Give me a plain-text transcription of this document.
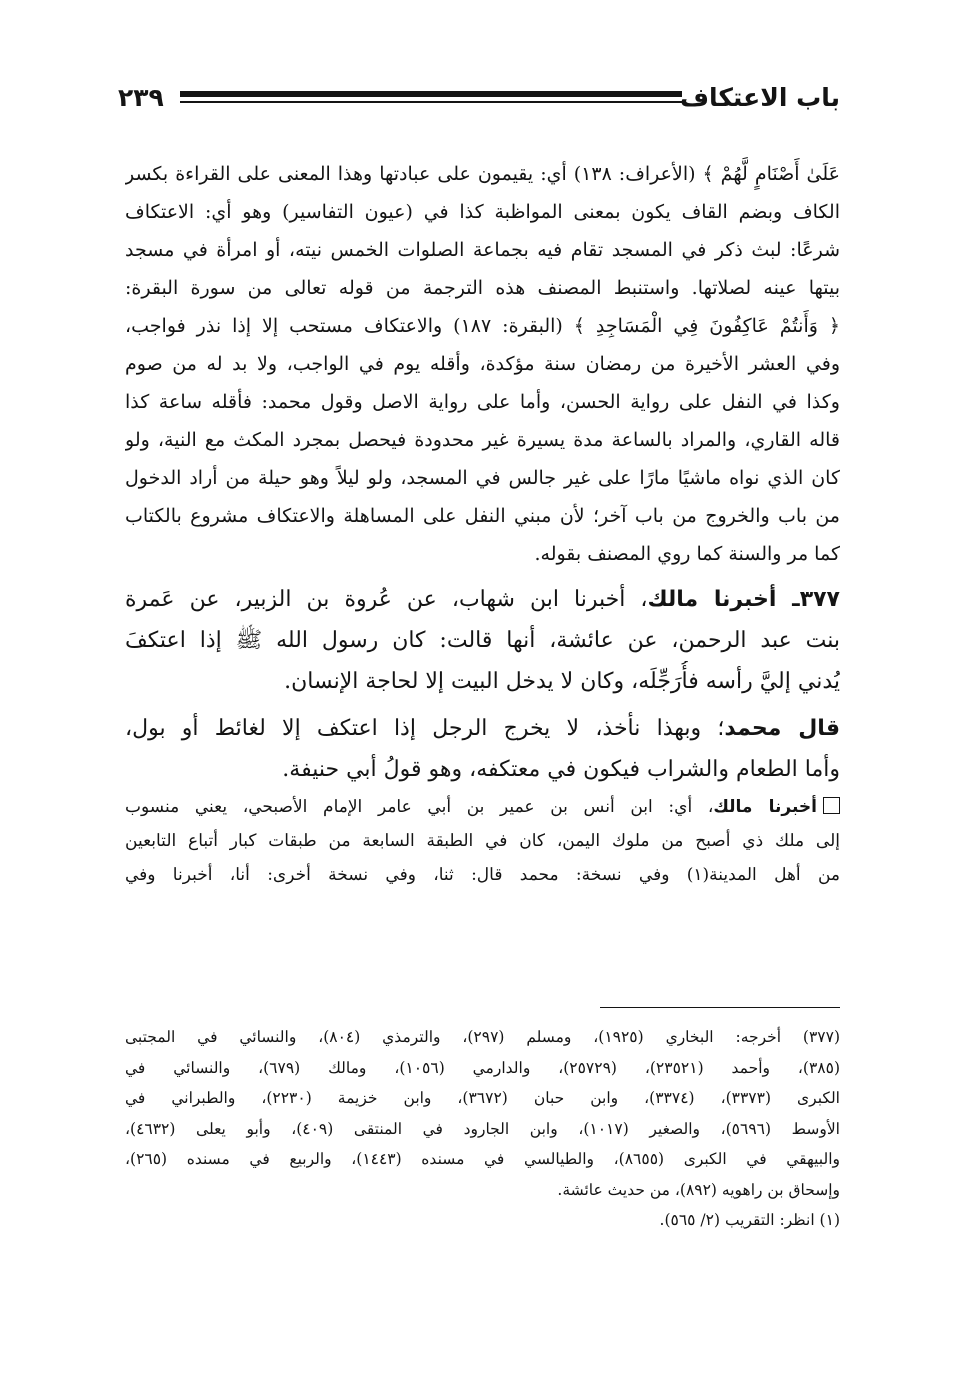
باب الاعتكاف
٢٣٩
عَلَىٰ أَصْنَامٍ لَّهُمْ ﴾ (الأعراف: ١٣٨) أي: يقيمون على عبادتها وهذا المعنى على القراءة بكسر
الكاف وبضم القاف يكون بمعنى المواظبة كذا في (عيون التفاسير) وهو أي: الاعتكاف
شرعًا: لبث ذكر في المسجد تقام فيه بجماعة الصلوات الخمس نيته، أو امرأة في مسجد
بيتها عينه لصلاتها. واستنبط المصنف هذه الترجمة من قوله تعالى من سورة البقرة:
﴿ وَأَنتُمْ عَاكِفُونَ فِي الْمَسَاجِدِ ﴾ (البقرة: ١٨٧) والاعتكاف مستحب إلا إذا نذر فواجب،
وفي العشر الأخيرة من رمضان سنة مؤكدة، وأقله يوم في الواجب، ولا بد له من صوم
وكذا في النفل على رواية الحسن، وأما على رواية الاصل وقول محمد: فأقله ساعة كذا
قاله القاري، والمراد بالساعة مدة يسيرة غير محدودة فيحصل بمجرد المكث مع النية، ولو
كان الذي نواه ماشيًا مارًا على غير جالس في المسجد، ولو ليلاً وهو حيلة من أراد الدخول
من باب والخروج من باب آخر؛ لأن مبني النفل على المساهلة والاعتكاف مشروع بالكتاب
كما مر والسنة كما روي المصنف بقوله.
٣٧٧ـ أخبرنا مالك، أخبرنا ابن شهاب، عن عُروة بن الزبير، عن عَمرة
بنت عبد الرحمن، عن عائشة، أنها قالت: كان رسول الله ﷺ إذا اعتكفَ
يُدني إليَّ رأسه فأُرَجِّلَه، وكان لا يدخل البيت إلا لحاجة الإنسان.
قال محمد؛ وبهذا نأخذ، لا يخرج الرجل إذا اعتكف إلا لغائط أو بول،
وأما الطعام والشراب فيكون في معتكفه، وهو قولُ أبي حنيفة.
أخبرنا مالك، أي: ابن أنس بن عمير بن أبي عامر الإمام الأصبحي، يعني منسوب
إلى ملك ذي أصبح من ملوك اليمن، كان في الطبقة السابعة من طبقات كبار أتباع التابعين
من أهل المدينة(١) وفي نسخة: محمد قال: ثنا، وفي نسخة أخرى: أنا، أخبرنا وفي
(٣٧٧) أخرجه: البخاري (١٩٢٥)، ومسلم (٢٩٧)، والترمذي (٨٠٤)، والنسائي في المجتبى
(٣٨٥)، وأحمد (٢٣٥٢١)، (٢٥٧٢٩)، والدارمي (١٠٥٦)، ومالك (٦٧٩)، والنسائي في
الكبرى (٣٣٧٣)، (٣٣٧٤)، وابن حبان (٣٦٧٢)، وابن خزيمة (٢٢٣٠)، والطبراني في
الأوسط (٥٦٩٦)، والصغير (١٠١٧)، وابن الجارود في المنتقى (٤٠٩)، وأبو يعلى (٤٦٣٢)،
والبيهقي في الكبرى (٨٦٥٥)، والطيالسي في مسنده (١٤٤٣)، والربيع في مسنده (٢٦٥)،
وإسحاق بن راهويه (٨٩٢)، من حديث عائشة.
(١) انظر: التقريب (٢/ ٥٦٥).
